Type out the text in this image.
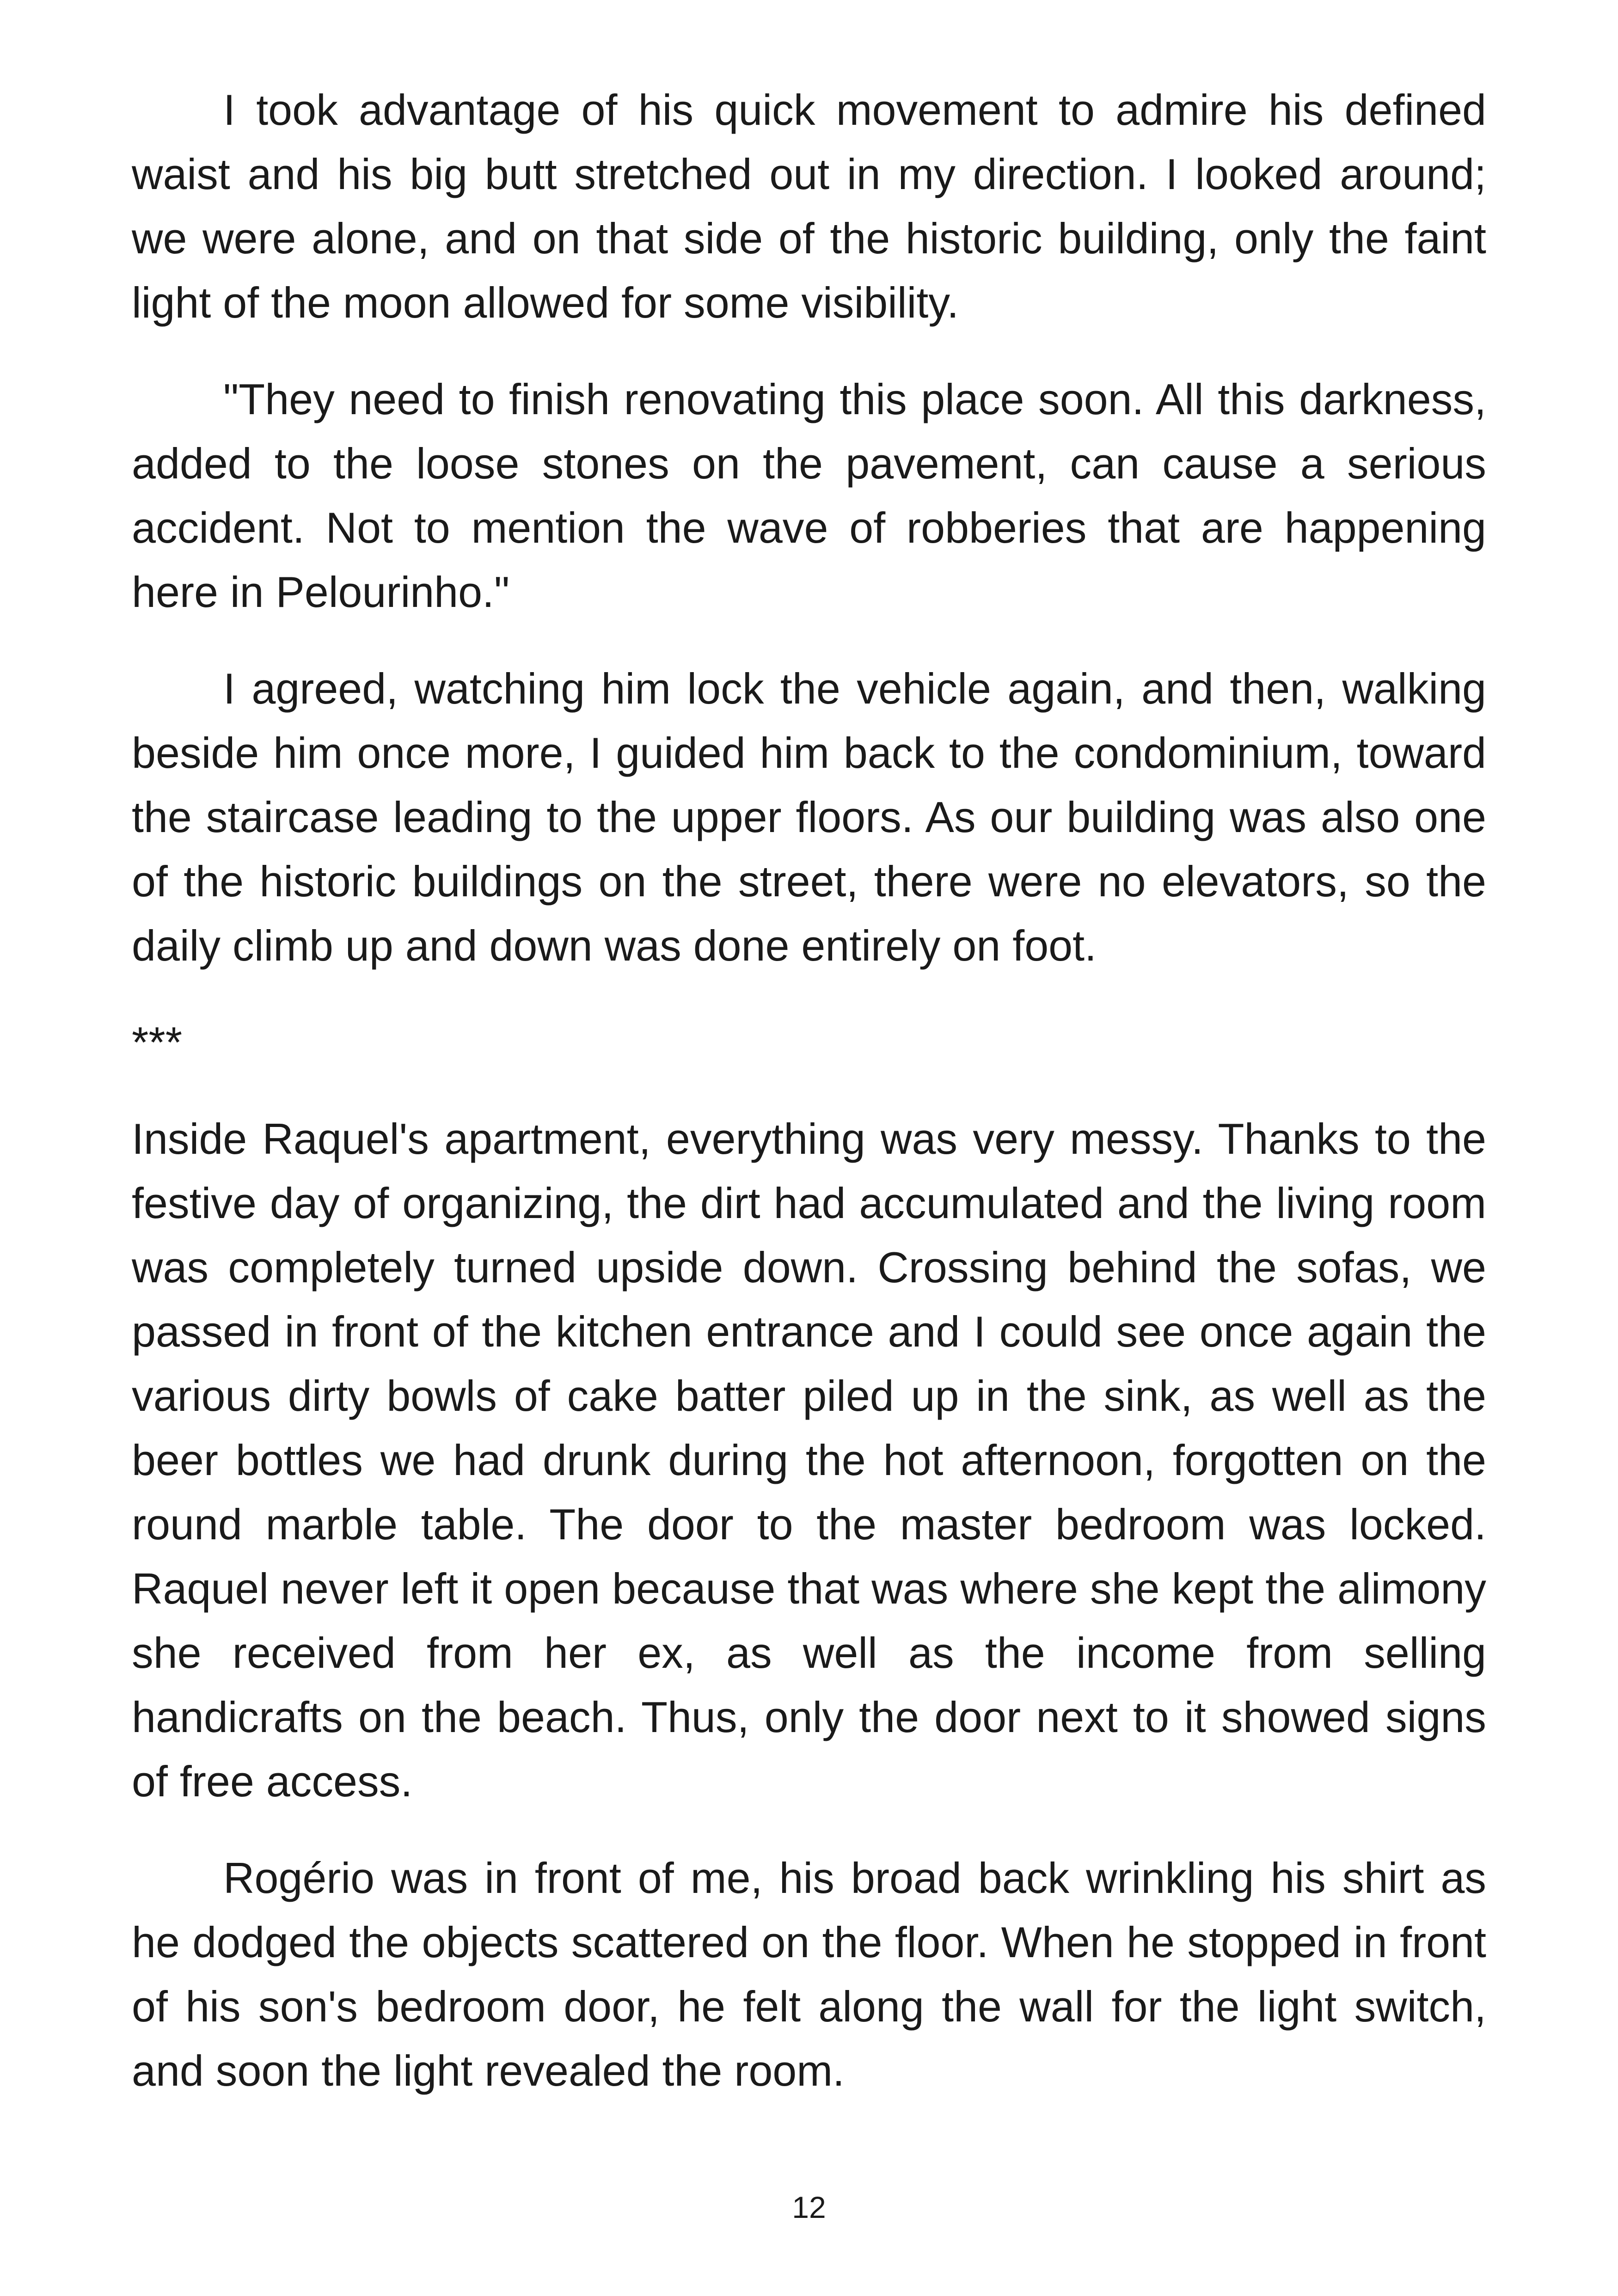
I took advantage of his quick movement to admire his defined waist and his big butt stretched out in my direction. I looked around; we were alone, and on that side of the historic building, only the faint light of the moon allowed for some visibility.

"They need to finish renovating this place soon. All this darkness, added to the loose stones on the pavement, can cause a serious accident. Not to mention the wave of robberies that are happening here in Pelourinho."

I agreed, watching him lock the vehicle again, and then, walking beside him once more, I guided him back to the condominium, toward the staircase leading to the upper floors. As our building was also one of the historic buildings on the street, there were no elevators, so the daily climb up and down was done entirely on foot.

***

Inside Raquel's apartment, everything was very messy. Thanks to the festive day of organizing, the dirt had accumulated and the living room was completely turned upside down. Crossing behind the sofas, we passed in front of the kitchen entrance and I could see once again the various dirty bowls of cake batter piled up in the sink, as well as the beer bottles we had drunk during the hot afternoon, forgotten on the round marble table. The door to the master bedroom was locked. Raquel never left it open because that was where she kept the alimony she received from her ex, as well as the income from selling handicrafts on the beach. Thus, only the door next to it showed signs of free access.

Rogério was in front of me, his broad back wrinkling his shirt as he dodged the objects scattered on the floor. When he stopped in front of his son's bedroom door, he felt along the wall for the light switch, and soon the light revealed the room.

12
